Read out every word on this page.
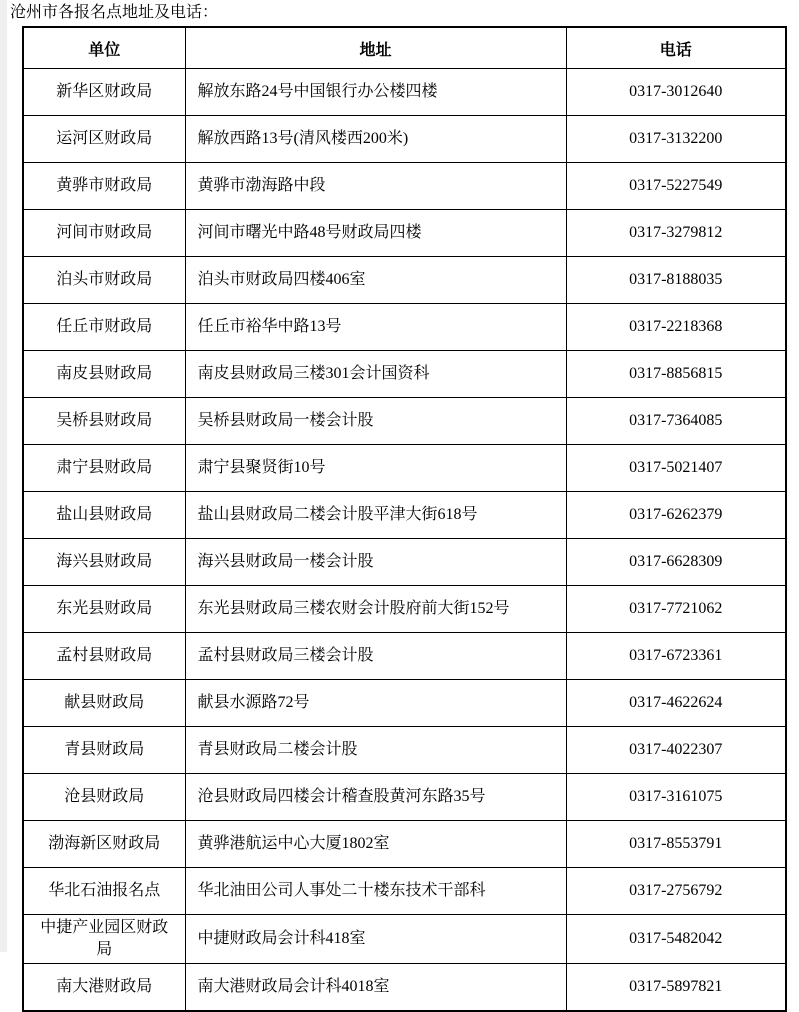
沧州市各报名点地址及电话：
单位	地址	电话
新华区财政局	解放东路24号中国银行办公楼四楼	0317-3012640
运河区财政局	解放西路13号(清风楼西200米)	0317-3132200
黄骅市财政局	黄骅市渤海路中段	0317-5227549
河间市财政局	河间市曙光中路48号财政局四楼	0317-3279812
泊头市财政局	泊头市财政局四楼406室	0317-8188035
任丘市财政局	任丘市裕华中路13号	0317-2218368
南皮县财政局	南皮县财政局三楼301会计国资科	0317-8856815
吴桥县财政局	吴桥县财政局一楼会计股	0317-7364085
肃宁县财政局	肃宁县聚贤街10号	0317-5021407
盐山县财政局	盐山县财政局二楼会计股平津大街618号	0317-6262379
海兴县财政局	海兴县财政局一楼会计股	0317-6628309
东光县财政局	东光县财政局三楼农财会计股府前大街152号	0317-7721062
孟村县财政局	孟村县财政局三楼会计股	0317-6723361
献县财政局	献县水源路72号	0317-4622624
青县财政局	青县财政局二楼会计股	0317-4022307
沧县财政局	沧县财政局四楼会计稽查股黄河东路35号	0317-3161075
渤海新区财政局	黄骅港航运中心大厦1802室	0317-8553791
华北石油报名点	华北油田公司人事处二十楼东技术干部科	0317-2756792
中捷产业园区财政局	中捷财政局会计科418室	0317-5482042
南大港财政局	南大港财政局会计科4018室	0317-5897821
